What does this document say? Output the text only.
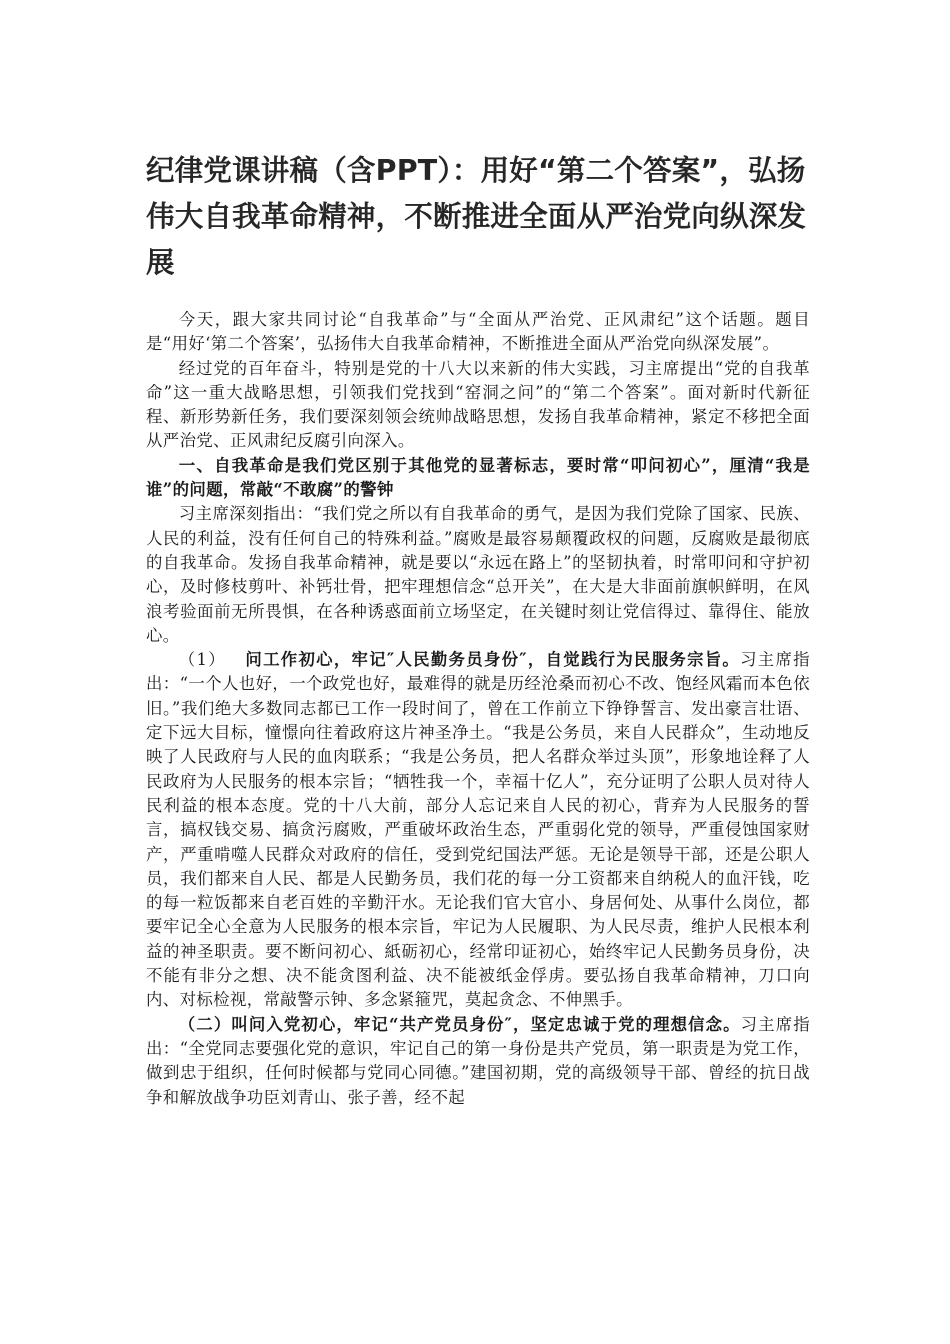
纪律党课讲稿（含PPT）：用好“第二个答案”，弘扬伟大自我革命精神，不断推进全面从严治党向纵深发展

今天，跟大家共同讨论“自我革命”与“全面从严治党、正风肃纪”这个话题。题目是“用好‘第二个答案’，弘扬伟大自我革命精神，不断推进全面从严治党向纵深发展”。

经过党的百年奋斗，特别是党的十八大以来新的伟大实践，习主席提出“党的自我革命”这一重大战略思想，引领我们党找到“窑洞之问”的“第二个答案”。面对新时代新征程、新形势新任务，我们要深刻领会统帅战略思想，发扬自我革命精神，紧定不移把全面从严治党、正风肃纪反腐引向深入。

一、自我革命是我们党区别于其他党的显著标志，要时常“叩问初心”，厘清“我是谁”的问题，常敲“不敢腐”的警钟

习主席深刻指出：“我们党之所以有自我革命的勇气，是因为我们党除了国家、民族、人民的利益，没有任何自己的特殊利益。”腐败是最容易颠覆政权的问题，反腐败是最彻底的自我革命。发扬自我革命精神，就是要以“永远在路上”的坚韧执着，时常叩问和守护初心，及时修枝剪叶、补钙壮骨，把牢理想信念“总开关”，在大是大非面前旗帜鲜明，在风浪考验面前无所畏惧，在各种诱惑面前立场坚定，在关键时刻让党信得过、靠得住、能放心。

（1） 问工作初心，牢记″人民勤务员身份″，自觉践行为民服务宗旨。习主席指出：“一个人也好，一个政党也好，最难得的就是历经沧桑而初心不改、饱经风霜而本色依旧。”我们绝大多数同志都已工作一段时间了，曾在工作前立下铮铮誓言、发出豪言壮语、定下远大目标，憧憬向往着政府这片神圣净土。“我是公务员，来自人民群众”，生动地反映了人民政府与人民的血肉联系；“我是公务员，把人名群众举过头顶”，形象地诠释了人民政府为人民服务的根本宗旨；“牺牲我一个，幸福十亿人”，充分证明了公职人员对待人民利益的根本态度。党的十八大前，部分人忘记来自人民的初心，背弃为人民服务的誓言，搞权钱交易、搞贪污腐败，严重破坏政治生态，严重弱化党的领导，严重侵蚀国家财产，严重啃噬人民群众对政府的信任，受到党纪国法严惩。无论是领导干部，还是公职人员，我们都来自人民、都是人民勤务员，我们花的每一分工资都来自纳税人的血汗钱，吃的每一粒饭都来自老百姓的辛勤汗水。无论我们官大官小、身居何处、从事什么岗位，都要牢记全心全意为人民服务的根本宗旨，牢记为人民履职、为人民尽责，维护人民根本利益的神圣职责。要不断问初心、紙砺初心，经常印证初心，始终牢记人民勤务员身份，决不能有非分之想、决不能贪图利益、决不能被纸金俘虏。要弘扬自我革命精神，刀口向内、对标检视，常敲警示钟、多念紧箍咒，莫起贪念、不伸黑手。

（二）叫问入党初心，牢记“共产党员身份″，坚定忠诚于党的理想信念。习主席指出：“全党同志要强化党的意识，牢记自己的第一身份是共产党员，第一职责是为党工作，做到忠于组织，任何时候都与党同心同德。”建国初期，党的高级领导干部、曾经的抗日战争和解放战争功臣刘青山、张子善，经不起
